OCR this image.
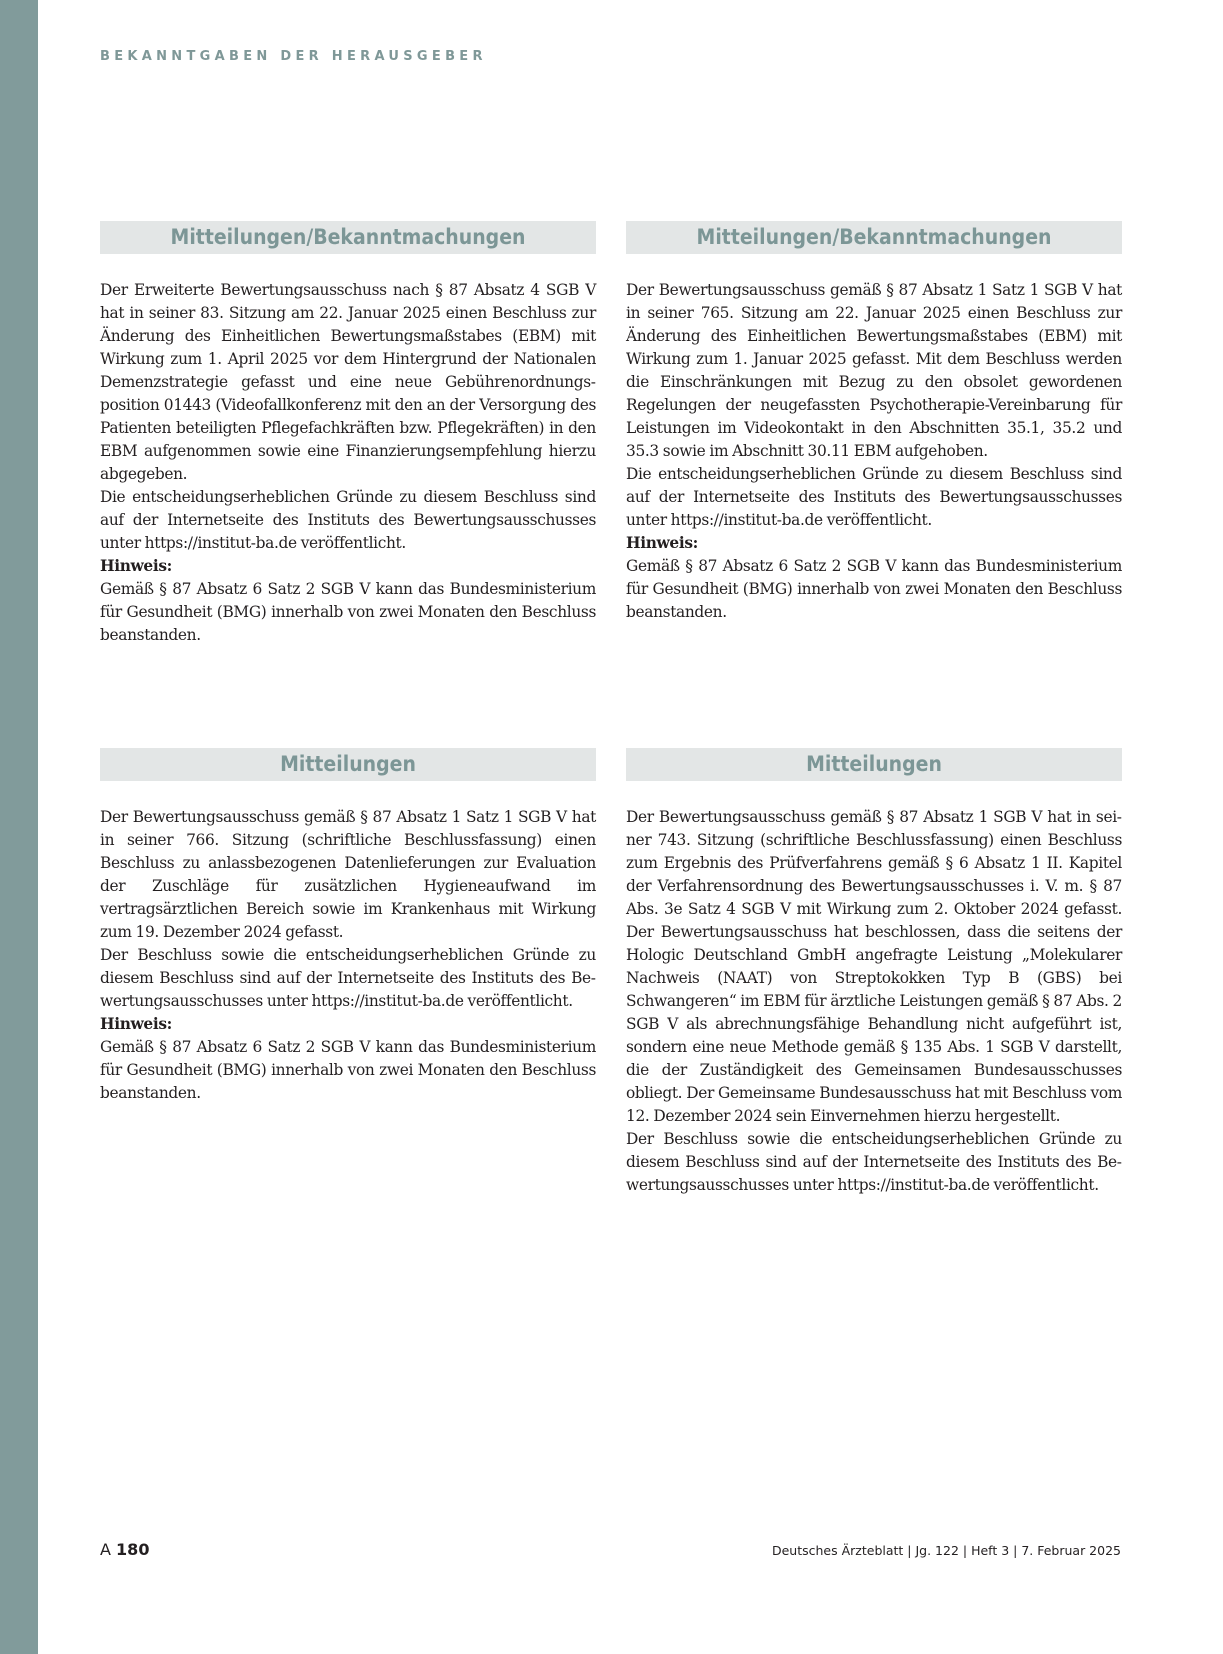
BEKANNTGABEN DER HERAUSGEBER
Mitteilungen/Bekanntmachungen

Der Erweiterte Bewertungsausschuss nach § 87 Absatz 4 SGB V hat in seiner 83. Sitzung am 22. Januar 2025 einen Beschluss zur Änderung des Einheitlichen Bewertungsmaßstabes (EBM) mit Wirkung zum 1. April 2025 vor dem Hintergrund der Nationalen Demenzstrategie gefasst und eine neue Gebührenordnungsposition 01443 (Videofallkonferenz mit den an der Versorgung des Patienten beteiligten Pflegefachkräften bzw. Pflegekräften) in den EBM aufgenommen sowie eine Finanzierungsempfehlung hierzu abgegeben.

Die entscheidungserheblichen Gründe zu diesem Beschluss sind auf der Internetseite des Instituts des Bewertungsausschusses unter https://institut-ba.de veröffentlicht.

Hinweis:

Gemäß § 87 Absatz 6 Satz 2 SGB V kann das Bundesministerium für Gesundheit (BMG) innerhalb von zwei Monaten den Beschluss beanstanden.

Mitteilungen/Bekanntmachungen

Der Bewertungsausschuss gemäß § 87 Absatz 1 Satz 1 SGB V hat in seiner 765. Sitzung am 22. Januar 2025 einen Beschluss zur Änderung des Einheitlichen Bewertungsmaßstabes (EBM) mit Wirkung zum 1. Januar 2025 gefasst. Mit dem Beschluss werden die Einschränkungen mit Bezug zu den obsolet gewordenen Regelungen der neugefassten Psychotherapie-Vereinbarung für Leistungen im Videokontakt in den Abschnitten 35.1, 35.2 und 35.3 sowie im Abschnitt 30.11 EBM aufgehoben.

Die entscheidungserheblichen Gründe zu diesem Beschluss sind auf der Internetseite des Instituts des Bewertungsausschusses unter https://institut-ba.de veröffentlicht.

Hinweis:

Gemäß § 87 Absatz 6 Satz 2 SGB V kann das Bundesministerium für Gesundheit (BMG) innerhalb von zwei Monaten den Beschluss beanstanden.

Mitteilungen

Der Bewertungsausschuss gemäß § 87 Absatz 1 Satz 1 SGB V hat in seiner 766. Sitzung (schriftliche Beschlussfassung) einen Beschluss zu anlassbezogenen Datenlieferungen zur Evaluation der Zuschläge für zusätzlichen Hygieneaufwand im vertragsärztlichen Bereich sowie im Krankenhaus mit Wirkung zum 19. Dezember 2024 gefasst.

Der Beschluss sowie die entscheidungserheblichen Gründe zu diesem Beschluss sind auf der Internetseite des Instituts des Bewertungsausschusses unter https://institut-ba.de veröffentlicht.

Hinweis:

Gemäß § 87 Absatz 6 Satz 2 SGB V kann das Bundesministerium für Gesundheit (BMG) innerhalb von zwei Monaten den Beschluss beanstanden.

Mitteilungen

Der Bewertungsausschuss gemäß § 87 Absatz 1 SGB V hat in seiner 743. Sitzung (schriftliche Beschlussfassung) einen Beschluss zum Ergebnis des Prüfverfahrens gemäß § 6 Absatz 1 II. Kapitel der Verfahrensordnung des Bewertungsausschusses i. V. m. § 87 Abs. 3e Satz 4 SGB V mit Wirkung zum 2. Oktober 2024 gefasst. Der Bewertungsausschuss hat beschlossen, dass die seitens der Hologic Deutschland GmbH angefragte Leistung „Molekularer Nachweis (NAAT) von Streptokokken Typ B (GBS) bei Schwangeren“ im EBM für ärztliche Leistungen gemäß § 87 Abs. 2 SGB V als abrechnungsfähige Behandlung nicht aufgeführt ist, sondern eine neue Methode gemäß § 135 Abs. 1 SGB V darstellt, die der Zuständigkeit des Gemeinsamen Bundesausschusses obliegt. Der Gemeinsame Bundesausschuss hat mit Beschluss vom 12. Dezember 2024 sein Einvernehmen hierzu hergestellt.

Der Beschluss sowie die entscheidungserheblichen Gründe zu diesem Beschluss sind auf der Internetseite des Instituts des Bewertungsausschusses unter https://institut-ba.de veröffentlicht.

A 180	Deutsches Ärzteblatt | Jg. 122 | Heft 3 | 7. Februar 2025
